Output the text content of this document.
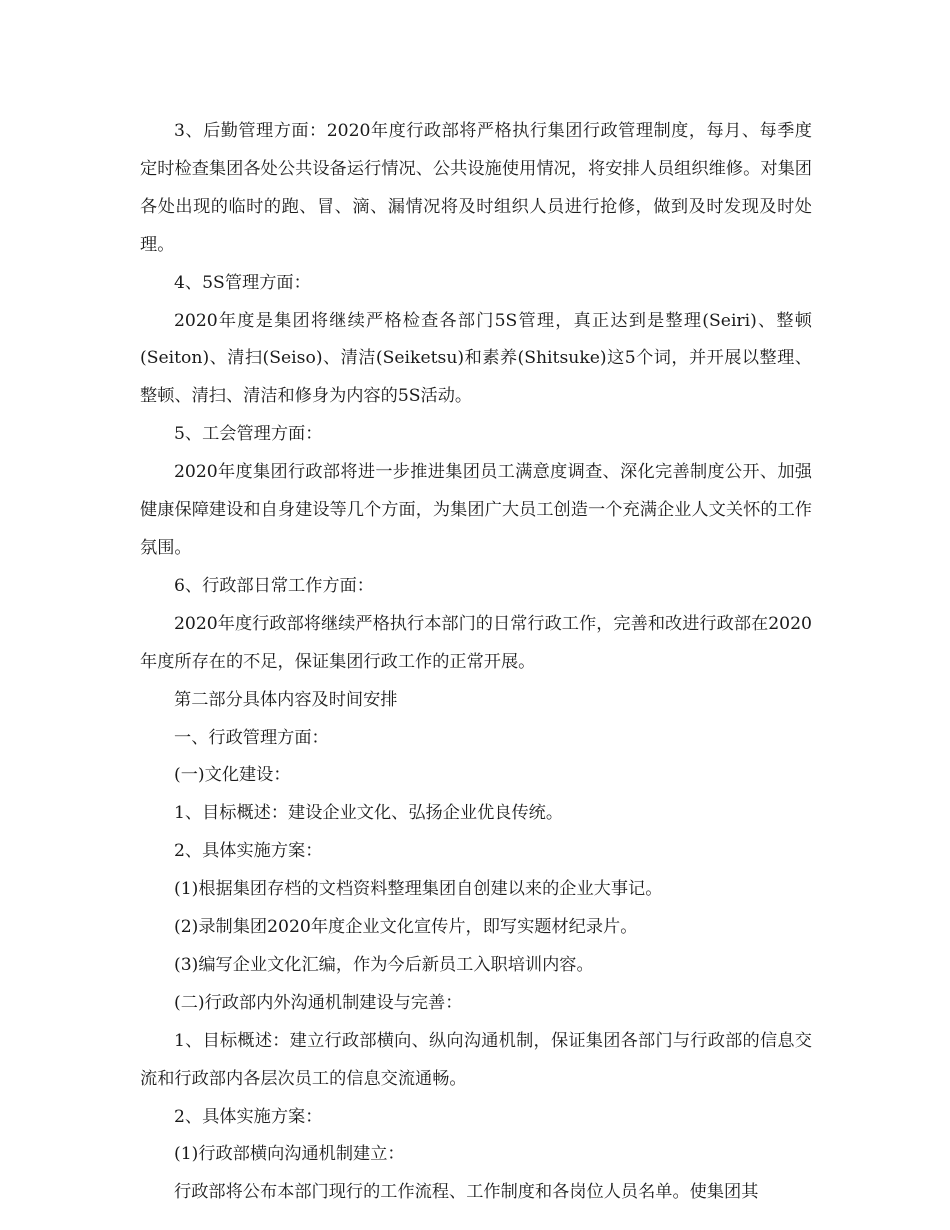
3、后勤管理方面：2020年度行政部将严格执行集团行政管理制度，每月、每季度定时检查集团各处公共设备运行情况、公共设施使用情况，将安排人员组织维修。对集团各处出现的临时的跑、冒、滴、漏情况将及时组织人员进行抢修，做到及时发现及时处理。

4、5S管理方面：

2020年度是集团将继续严格检查各部门5S管理，真正达到是整理(Seiri)、整顿(Seiton)、清扫(Seiso)、清洁(Seiketsu)和素养(Shitsuke)这5个词，并开展以整理、整顿、清扫、清洁和修身为内容的5S活动。

5、工会管理方面：

2020年度集团行政部将进一步推进集团员工满意度调查、深化完善制度公开、加强健康保障建设和自身建设等几个方面，为集团广大员工创造一个充满企业人文关怀的工作氛围。

6、行政部日常工作方面：

2020年度行政部将继续严格执行本部门的日常行政工作，完善和改进行政部在2020年度所存在的不足，保证集团行政工作的正常开展。

第二部分具体内容及时间安排

一、行政管理方面：

(一)文化建设：

1、目标概述：建设企业文化、弘扬企业优良传统。

2、具体实施方案：

(1)根据集团存档的文档资料整理集团自创建以来的企业大事记。

(2)录制集团2020年度企业文化宣传片，即写实题材纪录片。

(3)编写企业文化汇编，作为今后新员工入职培训内容。

(二)行政部内外沟通机制建设与完善：

1、目标概述：建立行政部横向、纵向沟通机制，保证集团各部门与行政部的信息交流和行政部内各层次员工的信息交流通畅。

2、具体实施方案：

(1)行政部横向沟通机制建立：

行政部将公布本部门现行的工作流程、工作制度和各岗位人员名单。使集团其
